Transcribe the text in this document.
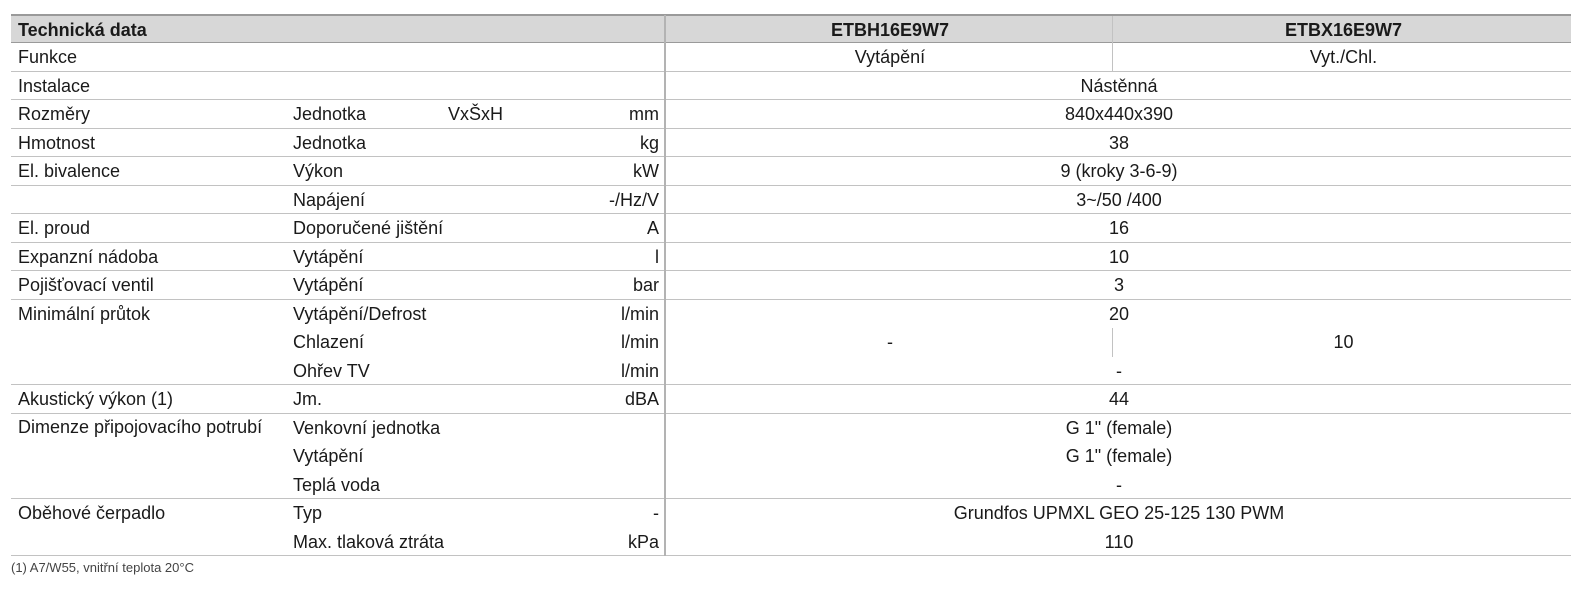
Technická data	ETBH16E9W7	ETBX16E9W7
Funkce	Vytápění	Vyt./Chl.
Instalace	Nástěnná
Rozměry	Jednotka	VxŠxH	mm	840x440x390
Hmotnost	Jednotka	kg	38
El. bivalence	Výkon	kW	9 (kroky 3-6-9)
Napájení	-/Hz/V	3~/50 /400
El. proud	Doporučené jištění	A	16
Expanzní nádoba	Vytápění	l	10
Pojišťovací ventil	Vytápění	bar	3
Minimální průtok	Vytápění/Defrost	l/min	20
Chlazení	l/min	-	10
Ohřev TV	l/min	-
Akustický výkon (1)	Jm.	dBA	44
Dimenze připojovacího potrubí	Venkovní jednotka	G 1" (female)
Vytápění	G 1" (female)
Teplá voda	-
Oběhové čerpadlo	Typ	-	Grundfos UPMXL GEO 25-125 130 PWM
Max. tlaková ztráta	kPa	110
(1) A7/W55, vnitřní teplota 20°C
